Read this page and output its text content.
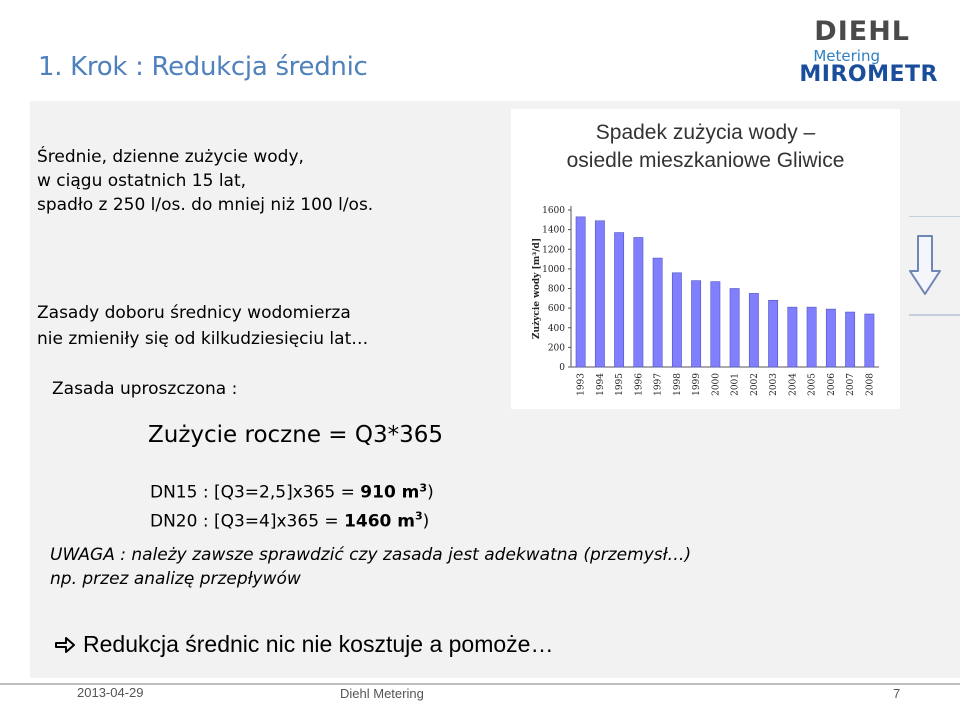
1. Krok : Redukcja średnic
DIEHL
Metering
MIROMETR
Średnie, dzienne zużycie wody,
w ciągu ostatnich 15 lat,
spadło z 250 l/os. do mniej niż 100 l/os.
Zasady doboru średnicy wodomierza
nie zmieniły się od kilkudziesięciu lat…
Zasada uproszczona :
Zużycie roczne = Q3*365
DN15 : [Q3=2,5]x365 = 910 $m^3$)
DN20 : [Q3=4]x365 = 1460 $m^3$)
UWAGA : należy zawsze sprawdzić czy zasada jest adekwatna (przemysł…)
np. przez analizę przepływów
Redukcja średnic nic nie kosztuje a pomoże…
Spadek zużycia wody –
osiedle mieszkaniowe Gliwice
0
200
400
600
800
1000
1200
1400
1600
Zużycie wody [m³/d]
1993 1994 1995 1996 1997 1998 1999 2000 2001 2002 2003 2004 2005 2006 2007 2008
2013-04-29	Diehl Metering	7
